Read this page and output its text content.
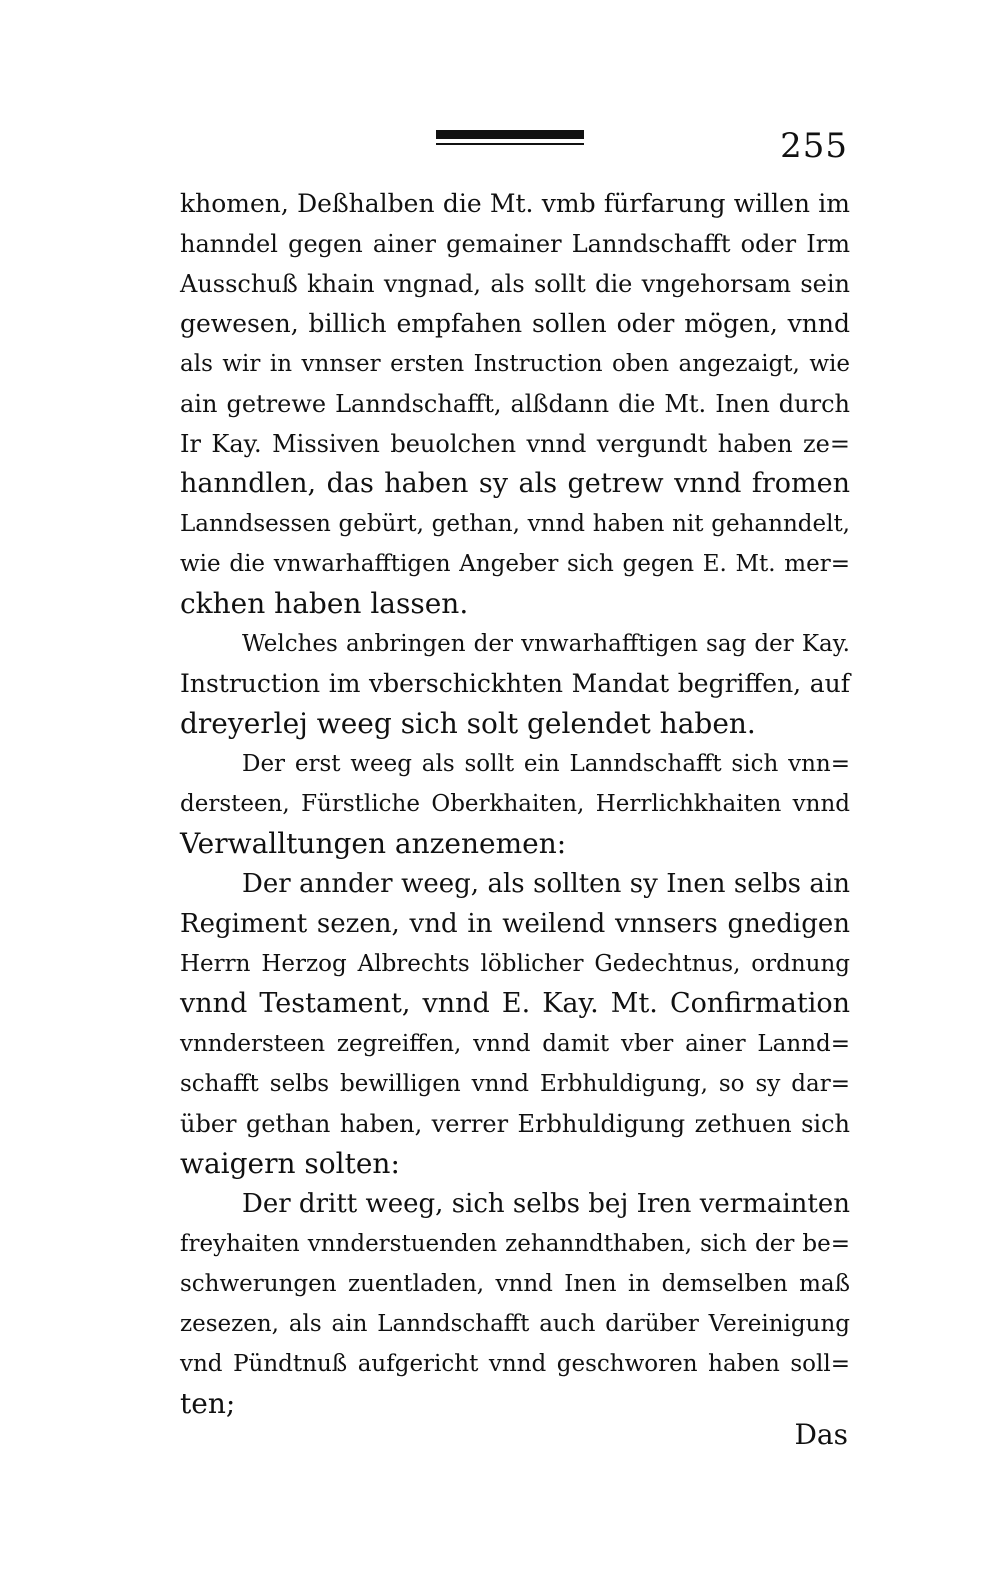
255
khomen, Deßhalben die Mt. vmb fürfarung willen im
hanndel gegen ainer gemainer Lanndschafft oder Irm
Ausschuß khain vngnad, als sollt die vngehorsam sein
gewesen, billich empfahen sollen oder mögen, vnnd
als wir in vnnser ersten Instruction oben angezaigt, wie
ain getrewe Lanndschafft, alßdann die Mt. Inen durch
Ir Kay. Missiven beuolchen vnnd vergundt haben ze=
hanndlen, das haben sy als getrew vnnd fromen
Lanndsessen gebürt, gethan, vnnd haben nit gehanndelt,
wie die vnwarhafftigen Angeber sich gegen E. Mt. mer=
ckhen haben lassen.
Welches anbringen der vnwarhafftigen sag der Kay.
Instruction im vberschickhten Mandat begriffen, auf
dreyerlej weeg sich solt gelendet haben.
Der erst weeg als sollt ein Lanndschafft sich vnn=
dersteen, Fürstliche Oberkhaiten, Herrlichkhaiten vnnd
Verwalltungen anzenemen:
Der annder weeg, als sollten sy Inen selbs ain
Regiment sezen, vnd in weilend vnnsers gnedigen
Herrn Herzog Albrechts löblicher Gedechtnus, ordnung
vnnd Testament, vnnd E. Kay. Mt. Confirmation
vnndersteen zegreiffen, vnnd damit vber ainer Lannd=
schafft selbs bewilligen vnnd Erbhuldigung, so sy dar=
über gethan haben, verrer Erbhuldigung zethuen sich
waigern solten:
Der dritt weeg, sich selbs bej Iren vermainten
freyhaiten vnnderstuenden zehanndthaben, sich der be=
schwerungen zuentladen, vnnd Inen in demselben maß
zesezen, als ain Lanndschafft auch darüber Vereinigung
vnd Pündtnuß aufgericht vnnd geschworen haben soll=
ten;
Das
